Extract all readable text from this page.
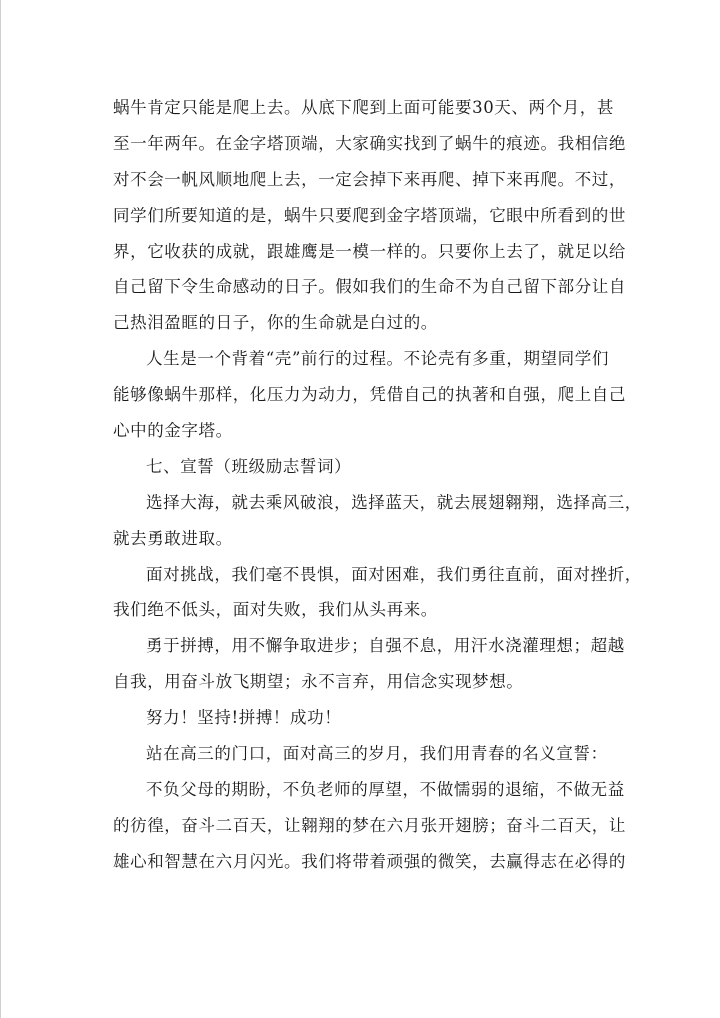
蜗牛肯定只能是爬上去。从底下爬到上面可能要30天、两个月，甚
至一年两年。在金字塔顶端，大家确实找到了蜗牛的痕迹。我相信绝
对不会一帆风顺地爬上去，一定会掉下来再爬、掉下来再爬。不过，
同学们所要知道的是，蜗牛只要爬到金字塔顶端，它眼中所看到的世
界，它收获的成就，跟雄鹰是一模一样的。只要你上去了，就足以给
自己留下令生命感动的日子。假如我们的生命不为自己留下部分让自
己热泪盈眶的日子，你的生命就是白过的。
人生是一个背着“壳”前行的过程。不论壳有多重，期望同学们
能够像蜗牛那样，化压力为动力，凭借自己的执著和自强，爬上自己
心中的金字塔。
七、宣誓（班级励志誓词）
选择大海，就去乘风破浪，选择蓝天，就去展翅翱翔，选择高三，
就去勇敢进取。
面对挑战，我们毫不畏惧，面对困难，我们勇往直前，面对挫折，
我们绝不低头，面对失败，我们从头再来。
勇于拼搏，用不懈争取进步；自强不息，用汗水浇灌理想；超越
自我，用奋斗放飞期望；永不言弃，用信念实现梦想。
努力！坚持!拼搏！成功！
站在高三的门口，面对高三的岁月，我们用青春的名义宣誓：
不负父母的期盼，不负老师的厚望，不做懦弱的退缩，不做无益
的彷徨，奋斗二百天，让翱翔的梦在六月张开翅膀；奋斗二百天，让
雄心和智慧在六月闪光。我们将带着顽强的微笑，去赢得志在必得的
